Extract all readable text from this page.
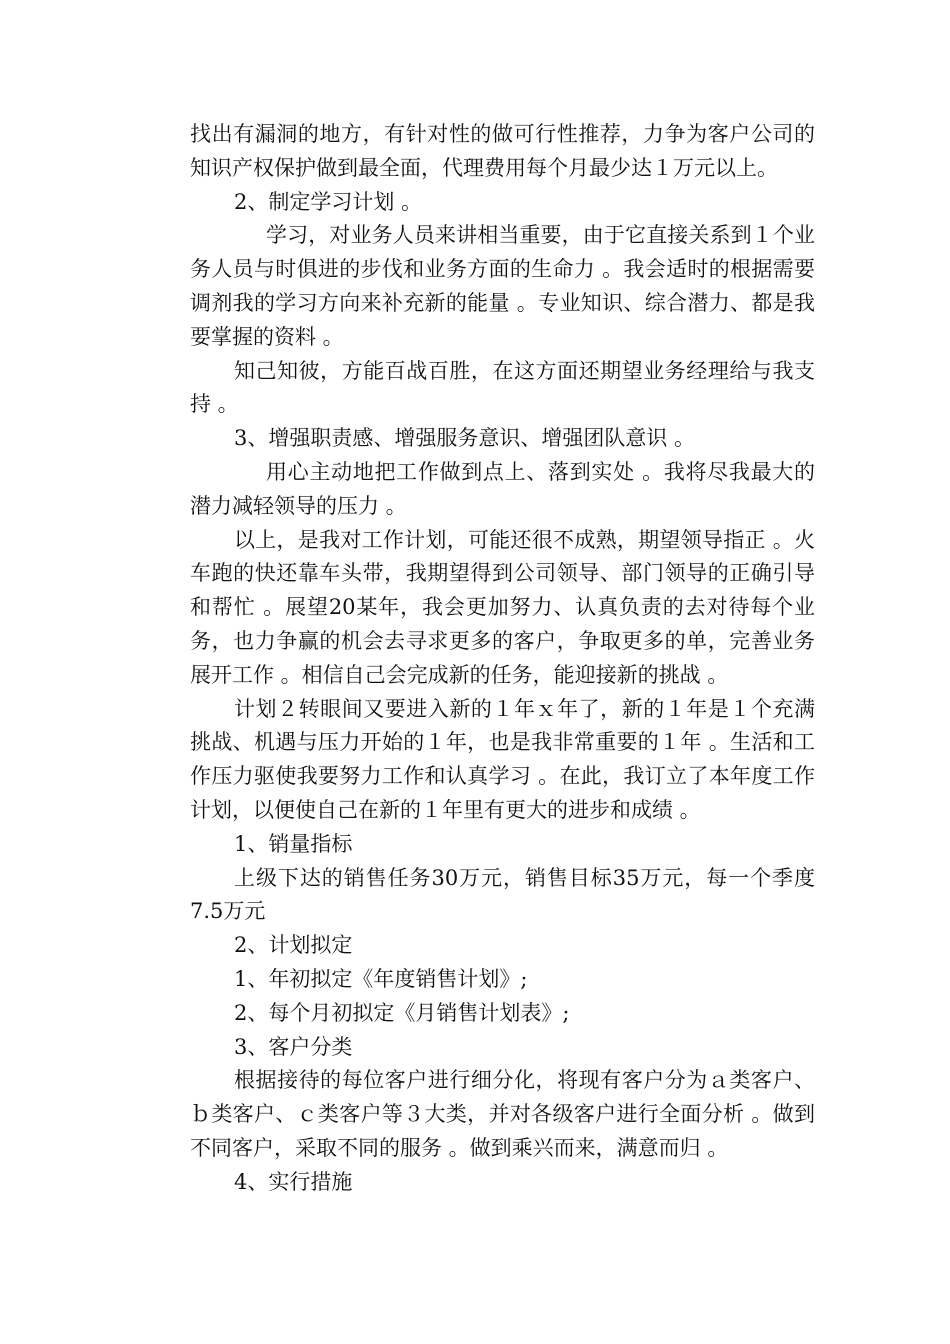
找出有漏洞的地方，有针对性的做可行性推荐，力争为客户公司的知识产权保护做到最全面，代理费用每个月最少达１万元以上。

2、制定学习计划 。

学习，对业务人员来讲相当重要，由于它直接关系到１个业务人员与时俱进的步伐和业务方面的生命力 。我会适时的根据需要调剂我的学习方向来补充新的能量 。专业知识、综合潜力、都是我要掌握的资料 。

知己知彼，方能百战百胜，在这方面还期望业务经理给与我支持 。

3、增强职责感、增强服务意识、增强团队意识 。

用心主动地把工作做到点上、落到实处 。我将尽我最大的潜力减轻领导的压力 。

以上，是我对工作计划，可能还很不成熟，期望领导指正 。火车跑的快还靠车头带，我期望得到公司领导、部门领导的正确引导和帮忙 。展望20某年，我会更加努力、认真负责的去对待每个业务，也力争赢的机会去寻求更多的客户，争取更多的单，完善业务展开工作 。相信自己会完成新的任务，能迎接新的挑战 。

计划２转眼间又要进入新的１年ｘ年了，新的１年是１个充满挑战、机遇与压力开始的１年，也是我非常重要的１年 。生活和工作压力驱使我要努力工作和认真学习 。在此，我订立了本年度工作计划，以便使自己在新的１年里有更大的进步和成绩 。

1、销量指标

上级下达的销售任务30万元，销售目标35万元，每一个季度7.5万元

2、计划拟定

1、年初拟定《年度销售计划》;

2、每个月初拟定《月销售计划表》;

3、客户分类

根据接待的每位客户进行细分化，将现有客户分为ａ类客户、ｂ类客户、ｃ类客户等３大类，并对各级客户进行全面分析 。做到不同客户，采取不同的服务 。做到乘兴而来，满意而归 。

4、实行措施
